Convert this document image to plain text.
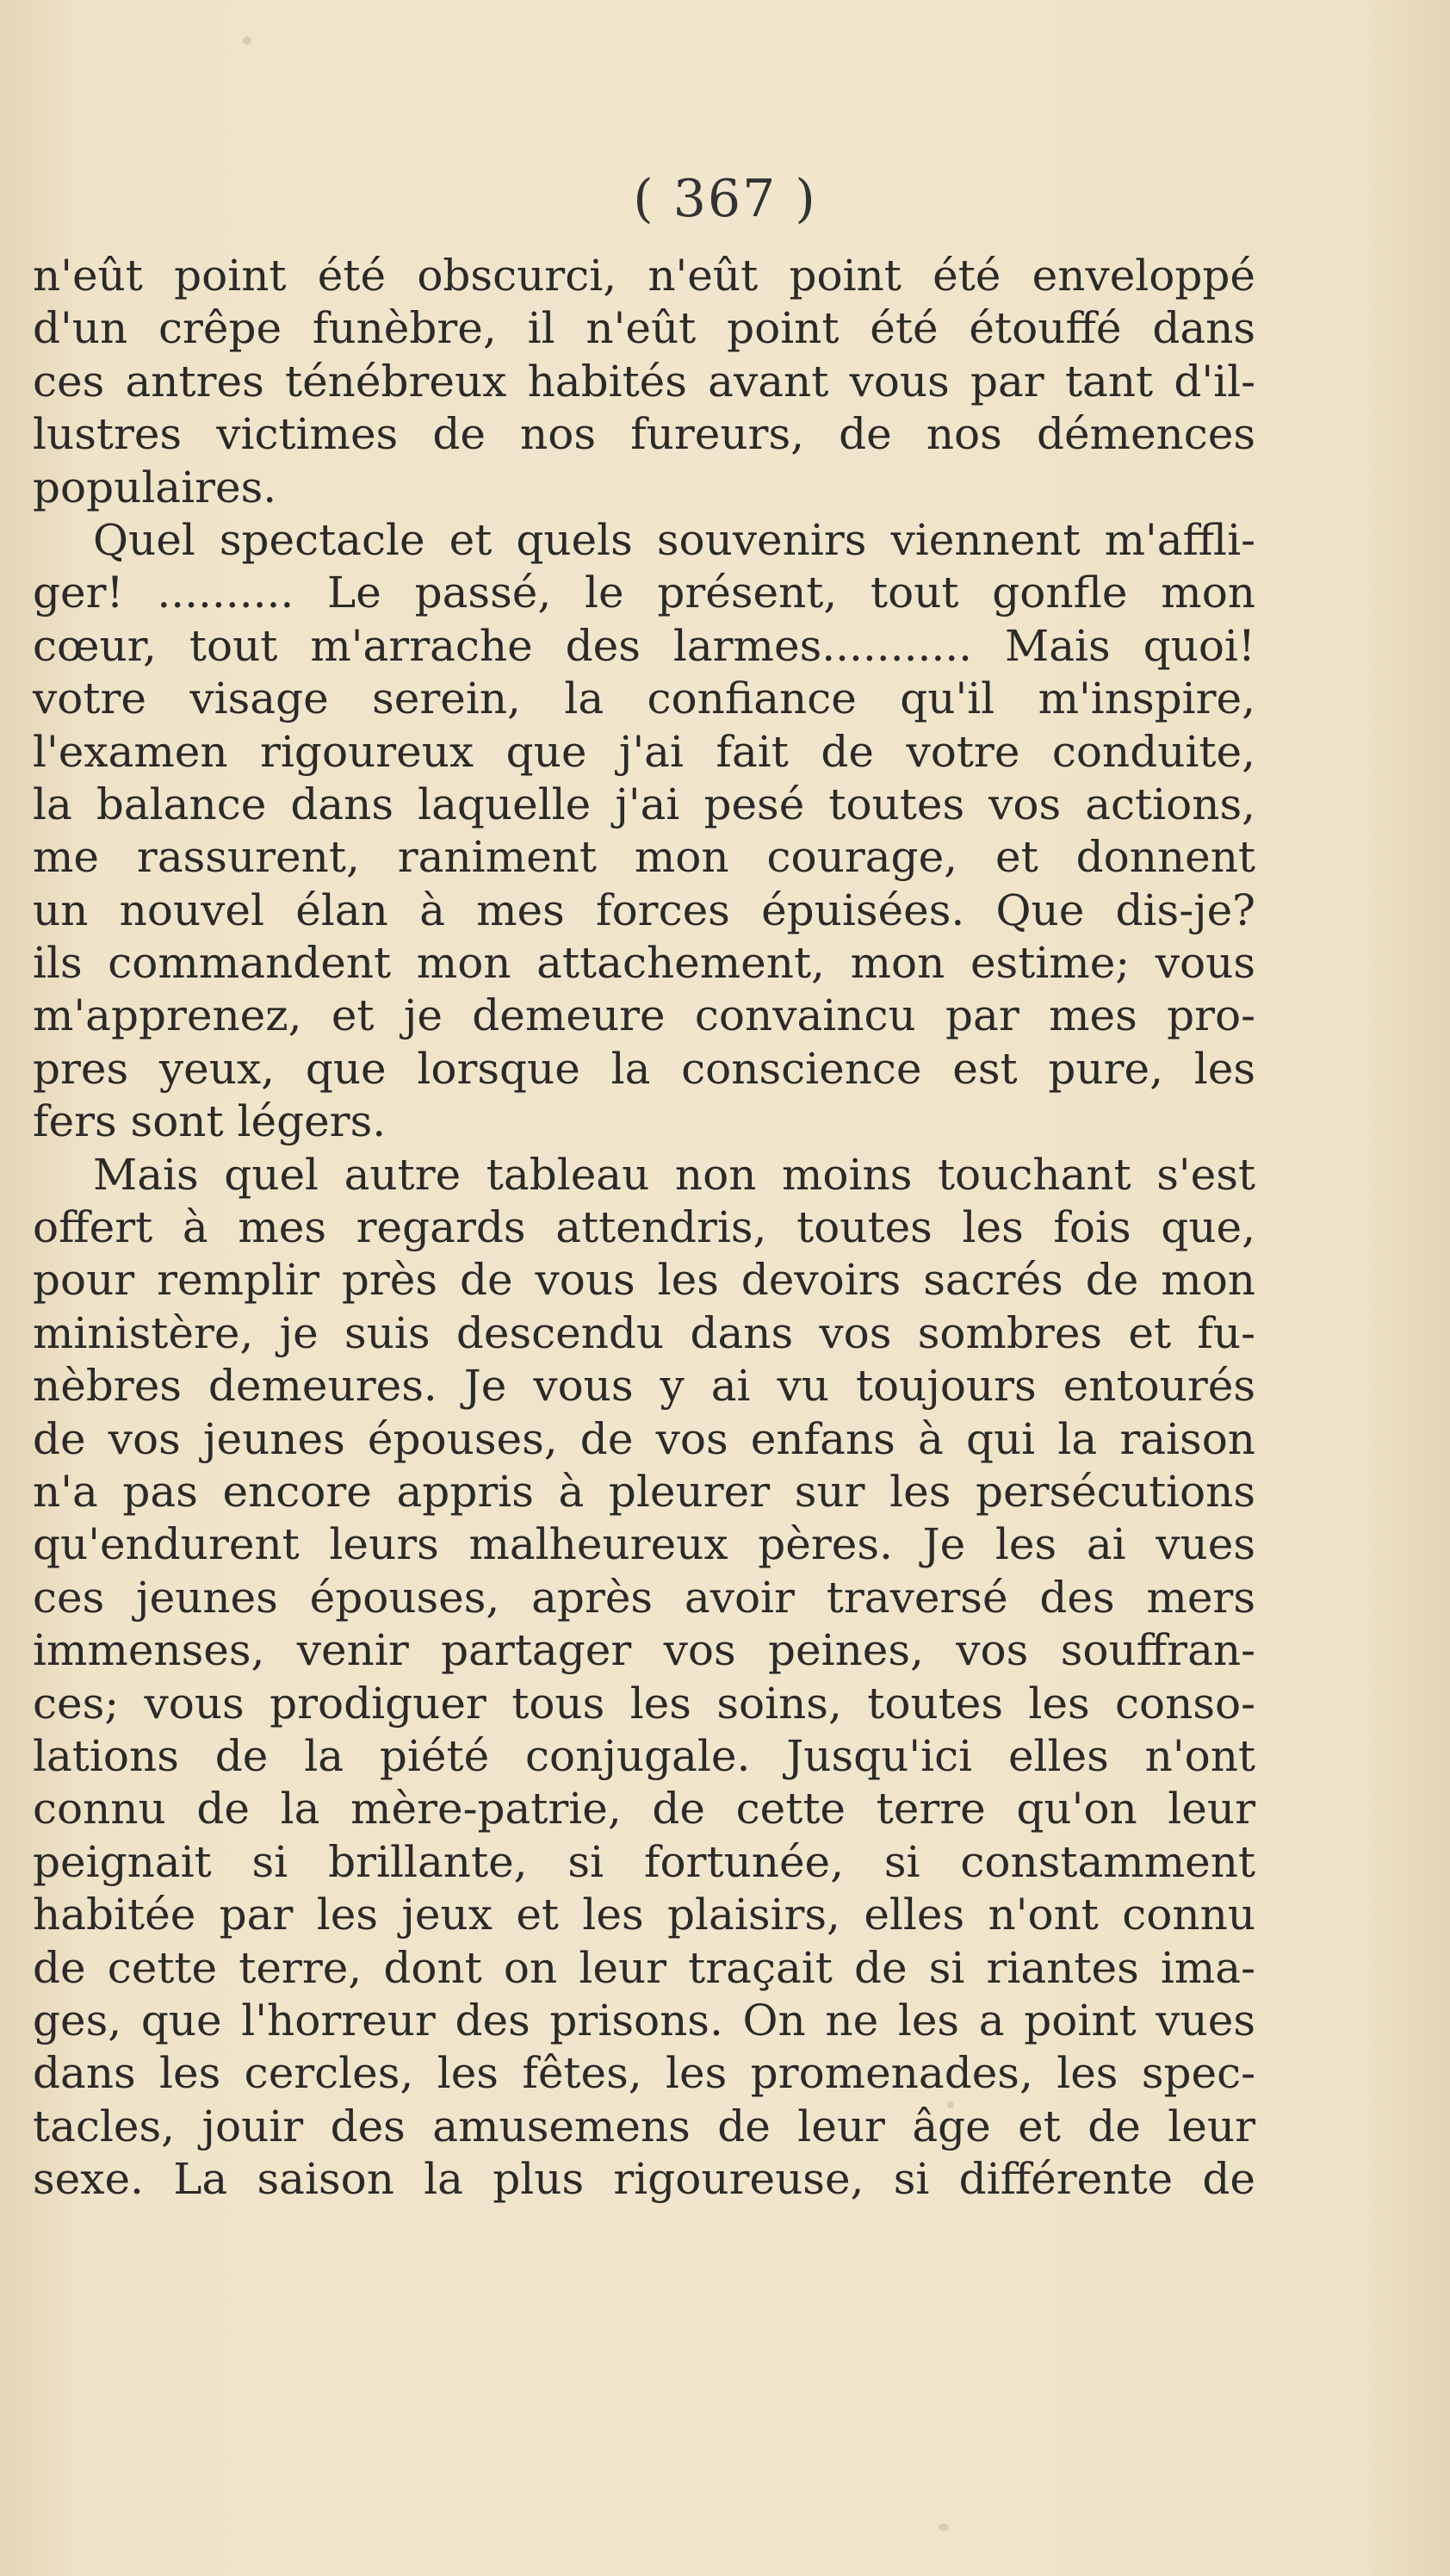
( 367 )
n'eût point été obscurci, n'eût point été enveloppé
d'un crêpe funèbre, il n'eût point été étouffé dans
ces antres ténébreux habités avant vous par tant d'il-
lustres victimes de nos fureurs, de nos démences
populaires.
Quel spectacle et quels souvenirs viennent m'affli-
ger! .......... Le passé, le présent, tout gonfle mon
cœur, tout m'arrache des larmes........... Mais quoi!
votre visage serein, la confiance qu'il m'inspire,
l'examen rigoureux que j'ai fait de votre conduite,
la balance dans laquelle j'ai pesé toutes vos actions,
me rassurent, raniment mon courage, et donnent
un nouvel élan à mes forces épuisées. Que dis-je?
ils commandent mon attachement, mon estime; vous
m'apprenez, et je demeure convaincu par mes pro-
pres yeux, que lorsque la conscience est pure, les
fers sont légers.
Mais quel autre tableau non moins touchant s'est
offert à mes regards attendris, toutes les fois que,
pour remplir près de vous les devoirs sacrés de mon
ministère, je suis descendu dans vos sombres et fu-
nèbres demeures. Je vous y ai vu toujours entourés
de vos jeunes épouses, de vos enfans à qui la raison
n'a pas encore appris à pleurer sur les persécutions
qu'endurent leurs malheureux pères. Je les ai vues
ces jeunes épouses, après avoir traversé des mers
immenses, venir partager vos peines, vos souffran-
ces; vous prodiguer tous les soins, toutes les conso-
lations de la piété conjugale. Jusqu'ici elles n'ont
connu de la mère-patrie, de cette terre qu'on leur
peignait si brillante, si fortunée, si constamment
habitée par les jeux et les plaisirs, elles n'ont connu
de cette terre, dont on leur traçait de si riantes ima-
ges, que l'horreur des prisons. On ne les a point vues
dans les cercles, les fêtes, les promenades, les spec-
tacles, jouir des amusemens de leur âge et de leur
sexe. La saison la plus rigoureuse, si différente de
